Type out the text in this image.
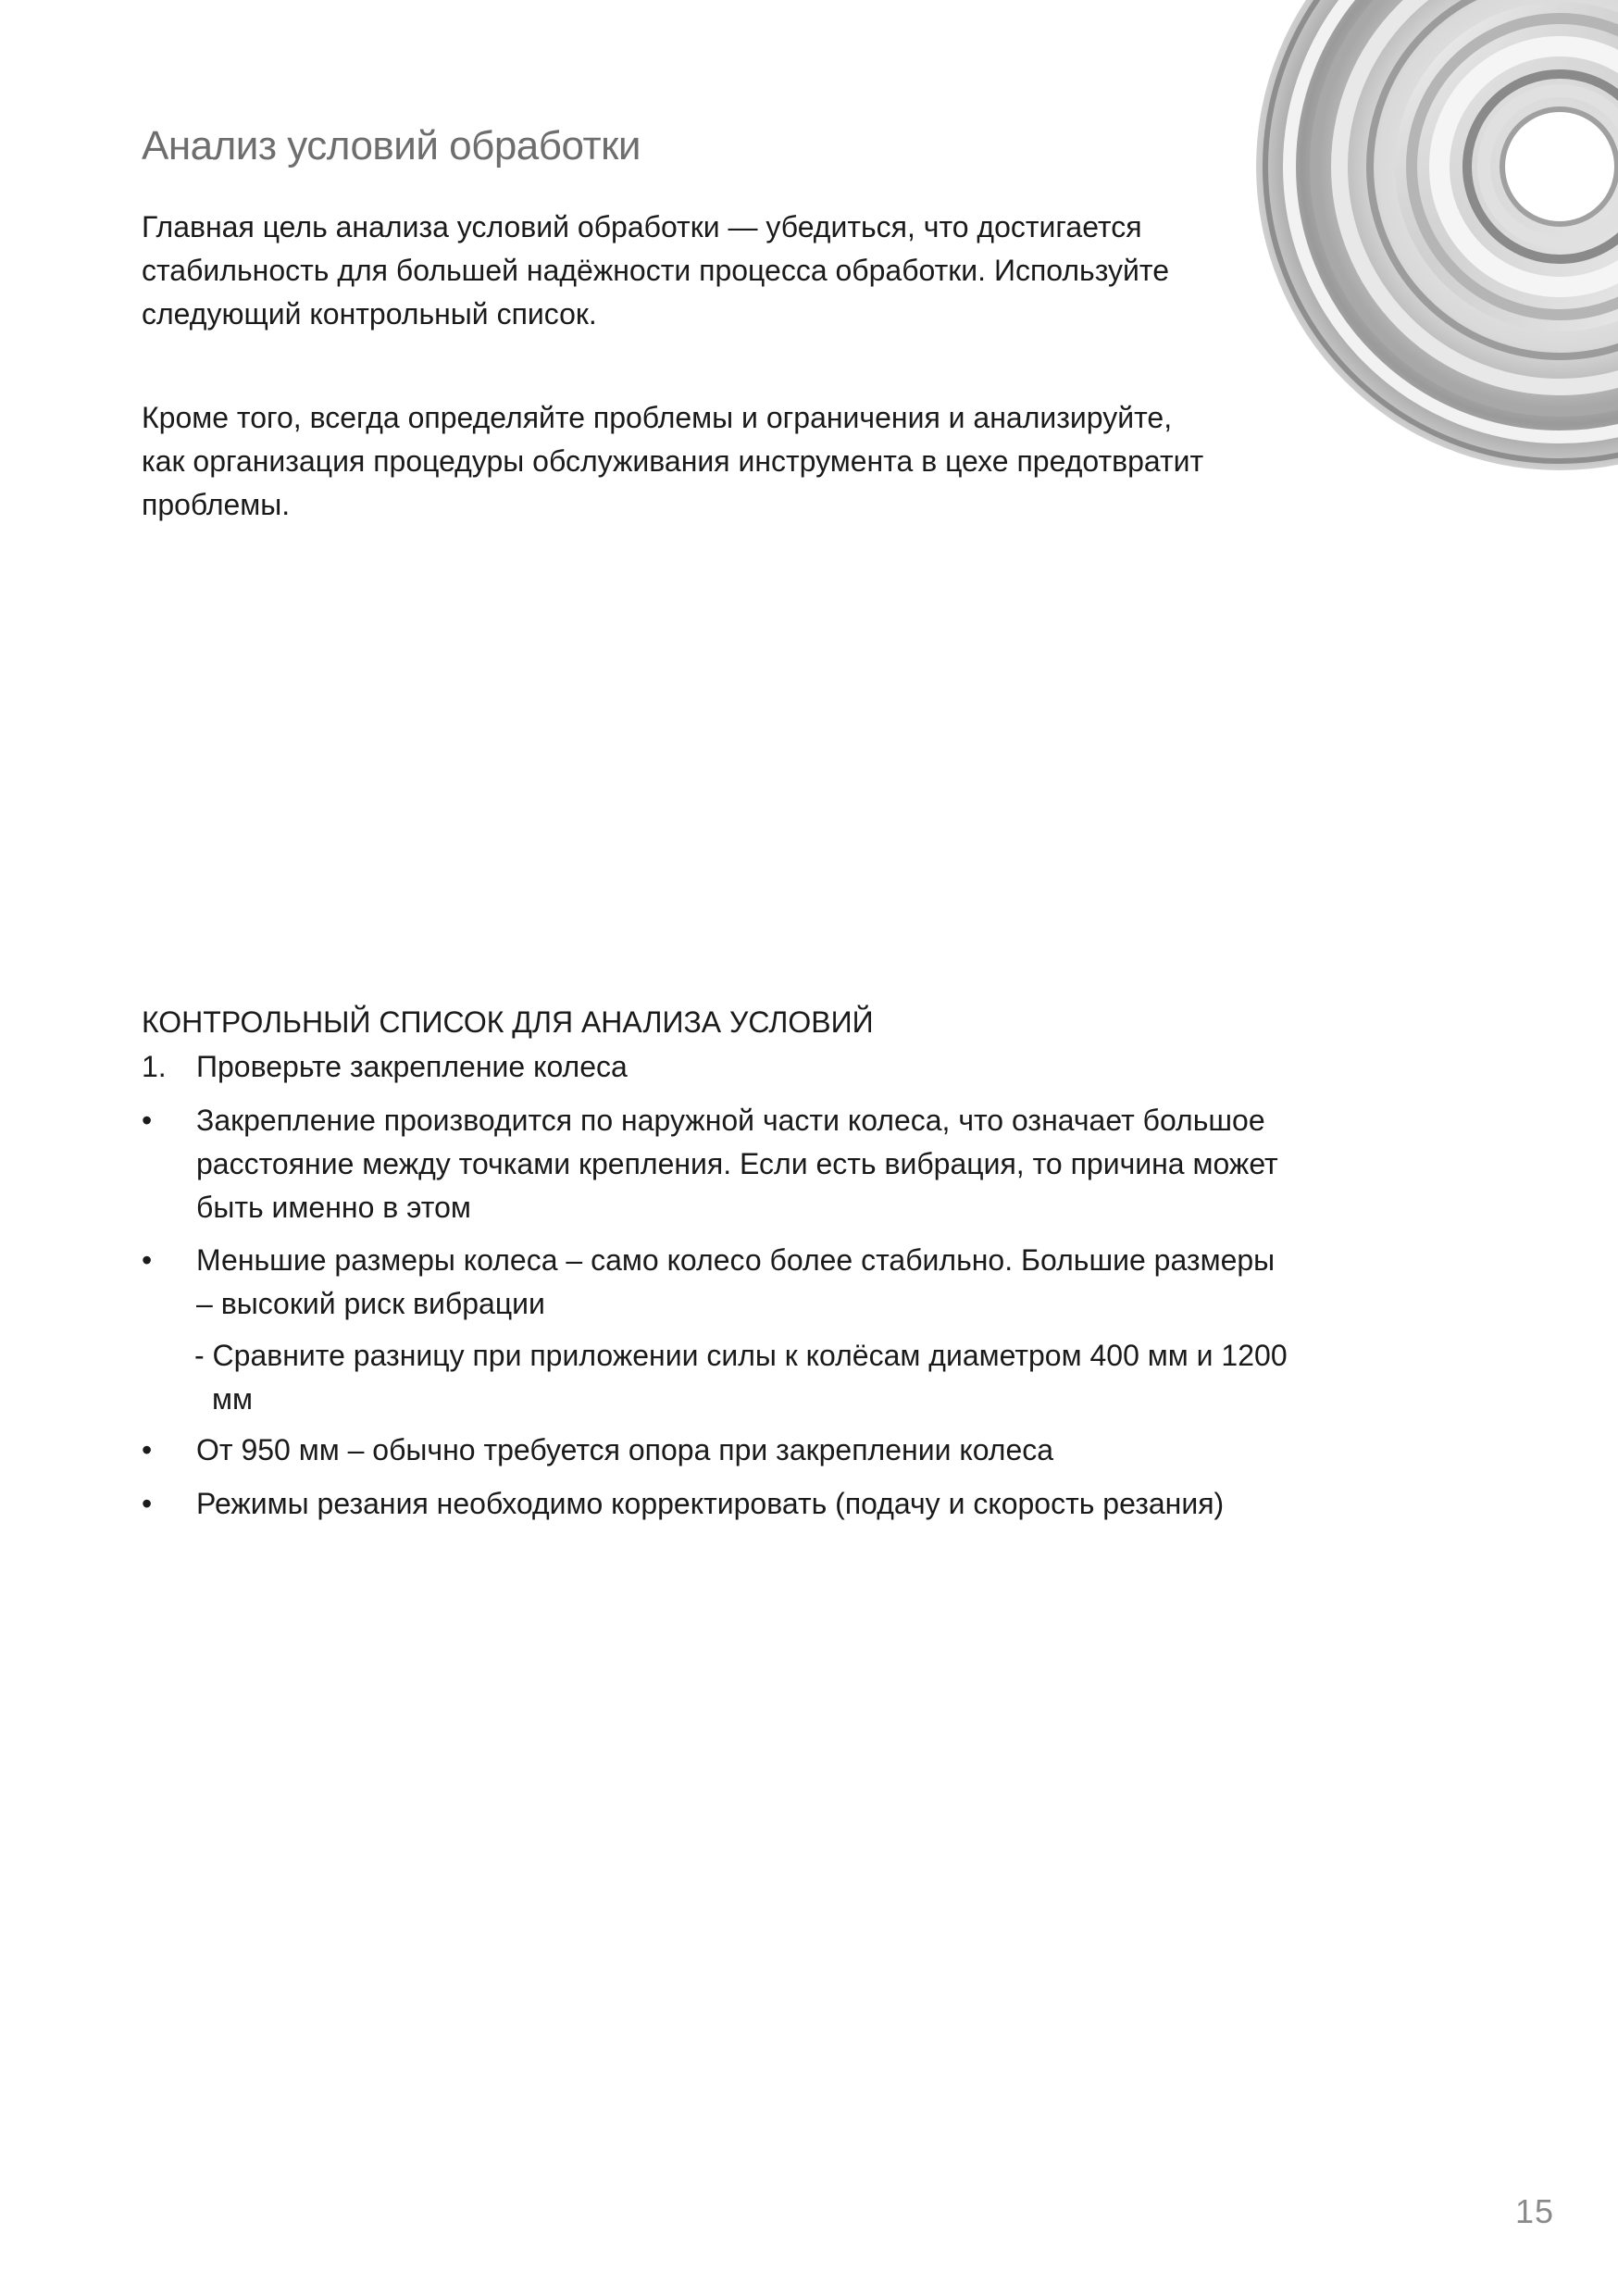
Анализ условий обработки

Главная цель анализа условий обработки — убедиться, что достигается стабильность для большей надёжности процесса обработки. Используйте следующий контрольный список.

Кроме того, всегда определяйте проблемы и ограничения и анализируйте, как организация процедуры обслуживания инструмента в цехе предотвратит проблемы.

КОНТРОЛЬНЫЙ СПИСОК ДЛЯ АНАЛИЗА УСЛОВИЙ
1.	Проверьте закрепление колеса
•	Закрепление производится по наружной части колеса, что означает большое расстояние между точками крепления. Если есть вибрация, то причина может быть именно в этом
•	Меньшие размеры колеса – само колесо более стабильно. Большие размеры – высокий риск вибрации
- Сравните разницу при приложении силы к колёсам диаметром 400 мм и 1200 мм
•	От 950 мм – обычно требуется опора при закреплении колеса
•	Режимы резания необходимо корректировать (подачу и скорость резания)
15
